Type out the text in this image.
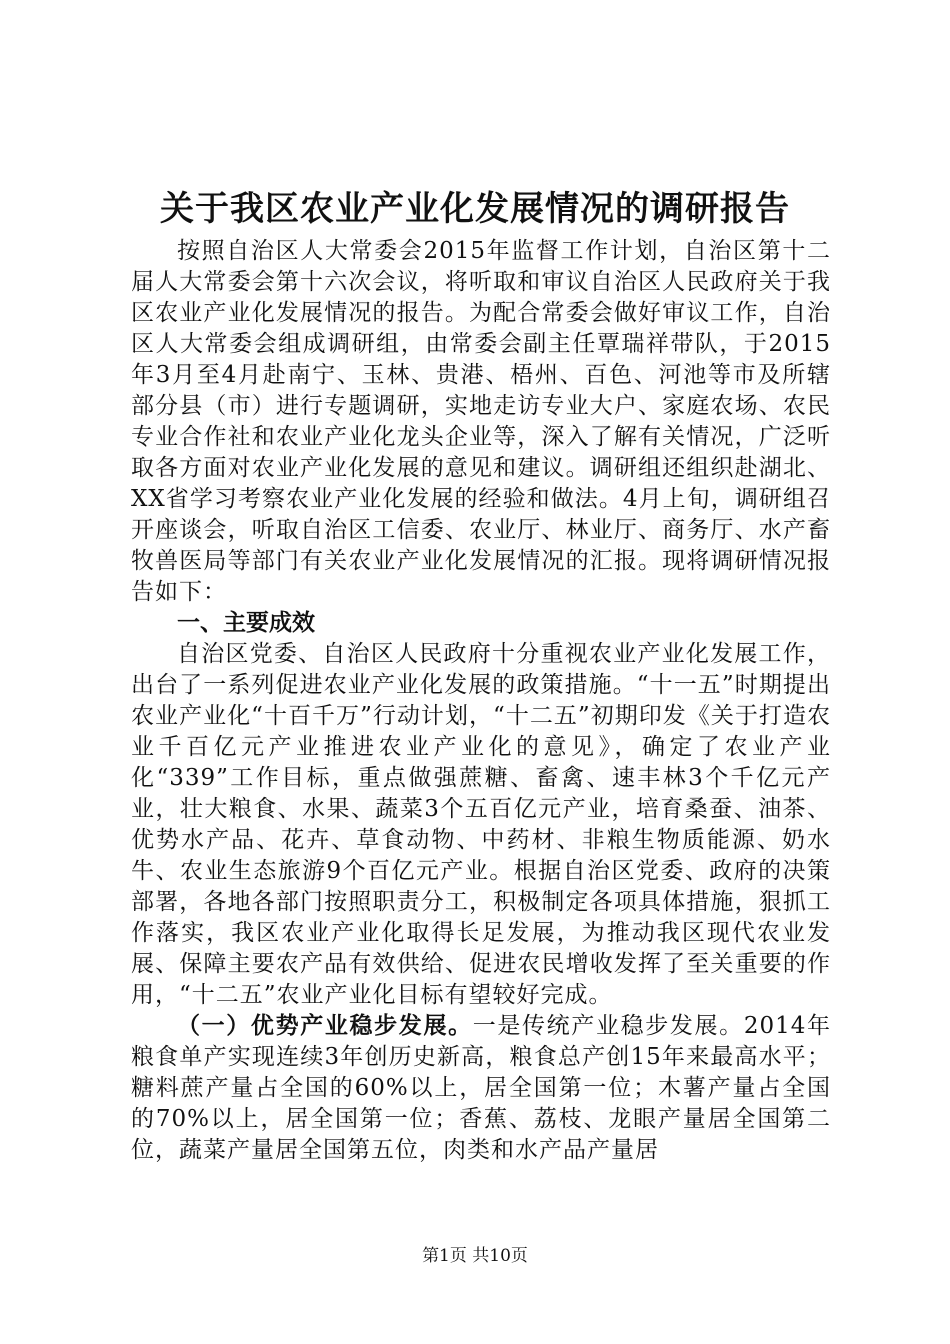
关于我区农业产业化发展情况的调研报告

按照自治区人大常委会2015年监督工作计划，自治区第十二届人大常委会第十六次会议，将听取和审议自治区人民政府关于我区农业产业化发展情况的报告。为配合常委会做好审议工作，自治区人大常委会组成调研组，由常委会副主任覃瑞祥带队，于2015年3月至4月赴南宁、玉林、贵港、梧州、百色、河池等市及所辖部分县（市）进行专题调研，实地走访专业大户、家庭农场、农民专业合作社和农业产业化龙头企业等，深入了解有关情况，广泛听取各方面对农业产业化发展的意见和建议。调研组还组织赴湖北、XX省学习考察农业产业化发展的经验和做法。4月上旬，调研组召开座谈会，听取自治区工信委、农业厅、林业厅、商务厅、水产畜牧兽医局等部门有关农业产业化发展情况的汇报。现将调研情况报告如下：

一、主要成效

自治区党委、自治区人民政府十分重视农业产业化发展工作，出台了一系列促进农业产业化发展的政策措施。“十一五”时期提出农业产业化“十百千万”行动计划，“十二五”初期印发《关于打造农业千百亿元产业推进农业产业化的意见》，确定了农业产业化“339”工作目标，重点做强蔗糖、畜禽、速丰林3个千亿元产业，壮大粮食、水果、蔬菜3个五百亿元产业，培育桑蚕、油茶、优势水产品、花卉、草食动物、中药材、非粮生物质能源、奶水牛、农业生态旅游9个百亿元产业。根据自治区党委、政府的决策部署，各地各部门按照职责分工，积极制定各项具体措施，狠抓工作落实，我区农业产业化取得长足发展，为推动我区现代农业发展、保障主要农产品有效供给、促进农民增收发挥了至关重要的作用，“十二五”农业产业化目标有望较好完成。

（一）优势产业稳步发展。一是传统产业稳步发展。2014年粮食单产实现连续3年创历史新高，粮食总产创15年来最高水平；糖料蔗产量占全国的60%以上，居全国第一位；木薯产量占全国的70%以上，居全国第一位；香蕉、荔枝、龙眼产量居全国第二位，蔬菜产量居全国第五位，肉类和水产品产量居

第1页 共10页
